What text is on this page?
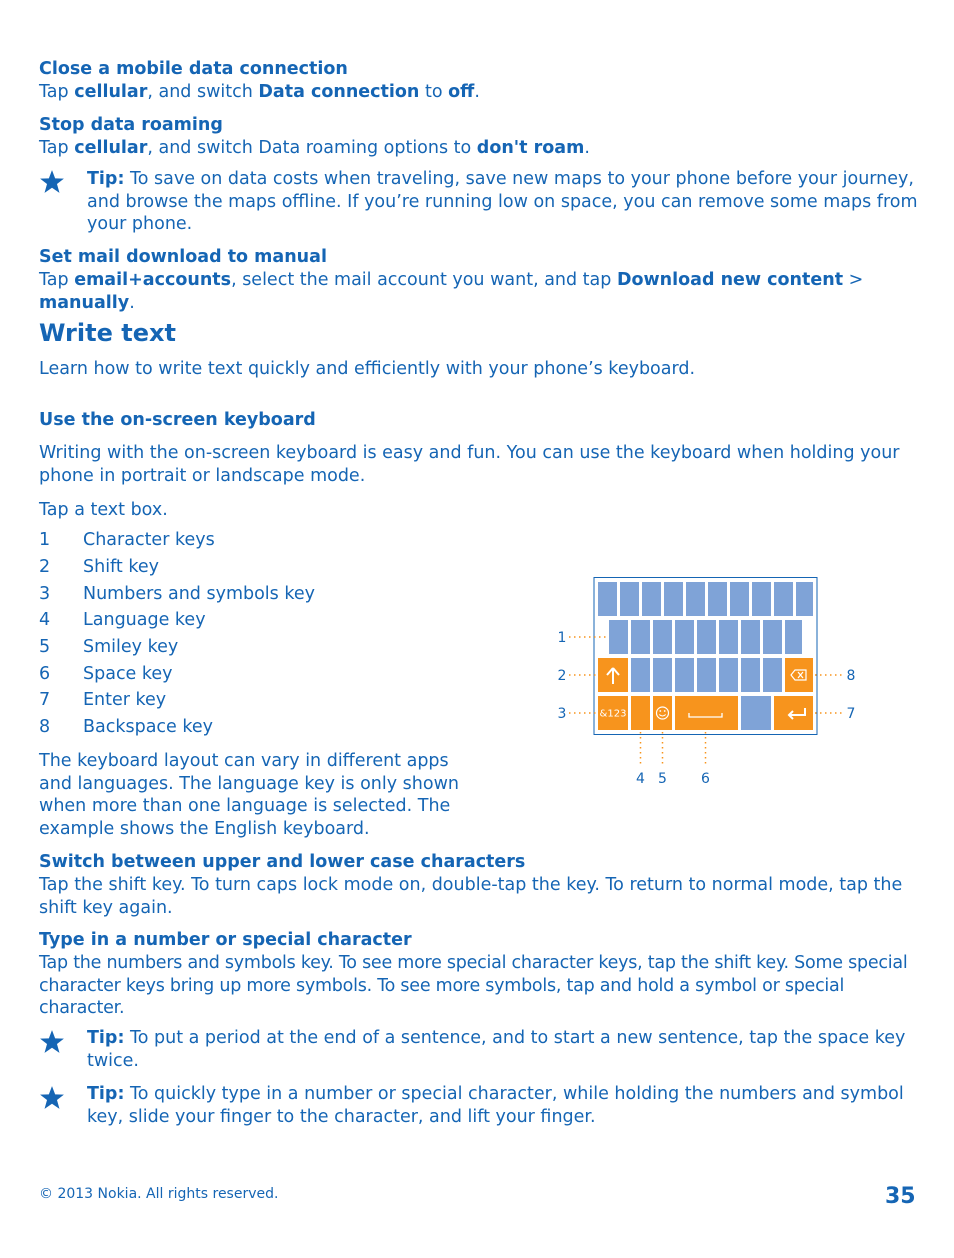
Close a mobile data connection

Tap cellular, and switch Data connection to off.

Stop data roaming

Tap cellular, and switch Data roaming options to don't roam.

Tip: To save on data costs when traveling, save new maps to your phone before your journey, and browse the maps offline. If you’re running low on space, you can remove some maps from your phone.

Set mail download to manual

Tap email+accounts, select the mail account you want, and tap Download new content > manually.

Write text

Learn how to write text quickly and efficiently with your phone’s keyboard.

Use the on-screen keyboard

Writing with the on-screen keyboard is easy and fun. You can use the keyboard when holding your phone in portrait or landscape mode.

Tap a text box.

1 Character keys
2 Shift key
3 Numbers and symbols key
4 Language key
5 Smiley key
6 Space key
7 Enter key
8 Backspace key

The keyboard layout can vary in different apps and languages. The language key is only shown when more than one language is selected. The example shows the English keyboard.

&123
1
2
3
8
7
4 5 6

Switch between upper and lower case characters

Tap the shift key. To turn caps lock mode on, double-tap the key. To return to normal mode, tap the shift key again.

Type in a number or special character

Tap the numbers and symbols key. To see more special character keys, tap the shift key. Some special character keys bring up more symbols. To see more symbols, tap and hold a symbol or special character.

Tip: To put a period at the end of a sentence, and to start a new sentence, tap the space key twice.
Tip: To quickly type in a number or special character, while holding the numbers and symbol key, slide your finger to the character, and lift your finger.
© 2013 Nokia. All rights reserved.	35
